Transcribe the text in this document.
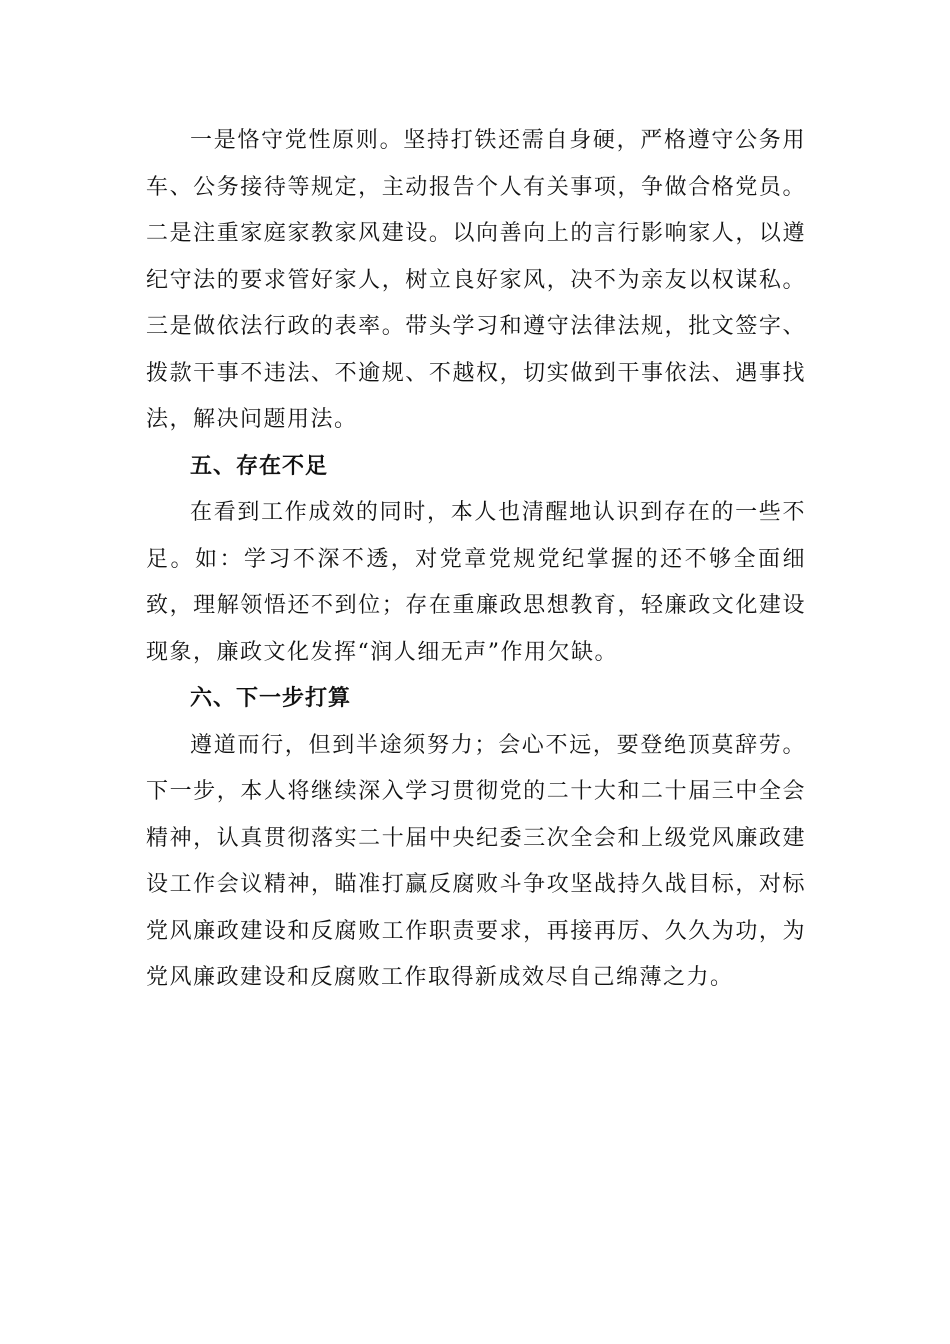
一是恪守党性原则。坚持打铁还需自身硬，严格遵守公务用车、公务接待等规定，主动报告个人有关事项，争做合格党员。二是注重家庭家教家风建设。以向善向上的言行影响家人，以遵纪守法的要求管好家人，树立良好家风，决不为亲友以权谋私。三是做依法行政的表率。带头学习和遵守法律法规，批文签字、拨款干事不违法、不逾规、不越权，切实做到干事依法、遇事找法，解决问题用法。

五、存在不足

在看到工作成效的同时，本人也清醒地认识到存在的一些不足。如：学习不深不透，对党章党规党纪掌握的还不够全面细致，理解领悟还不到位；存在重廉政思想教育，轻廉政文化建设现象，廉政文化发挥“润人细无声”作用欠缺。

六、下一步打算

遵道而行，但到半途须努力；会心不远，要登绝顶莫辞劳。下一步，本人将继续深入学习贯彻党的二十大和二十届三中全会精神，认真贯彻落实二十届中央纪委三次全会和上级党风廉政建设工作会议精神，瞄准打赢反腐败斗争攻坚战持久战目标，对标党风廉政建设和反腐败工作职责要求，再接再厉、久久为功，为党风廉政建设和反腐败工作取得新成效尽自己绵薄之力。
